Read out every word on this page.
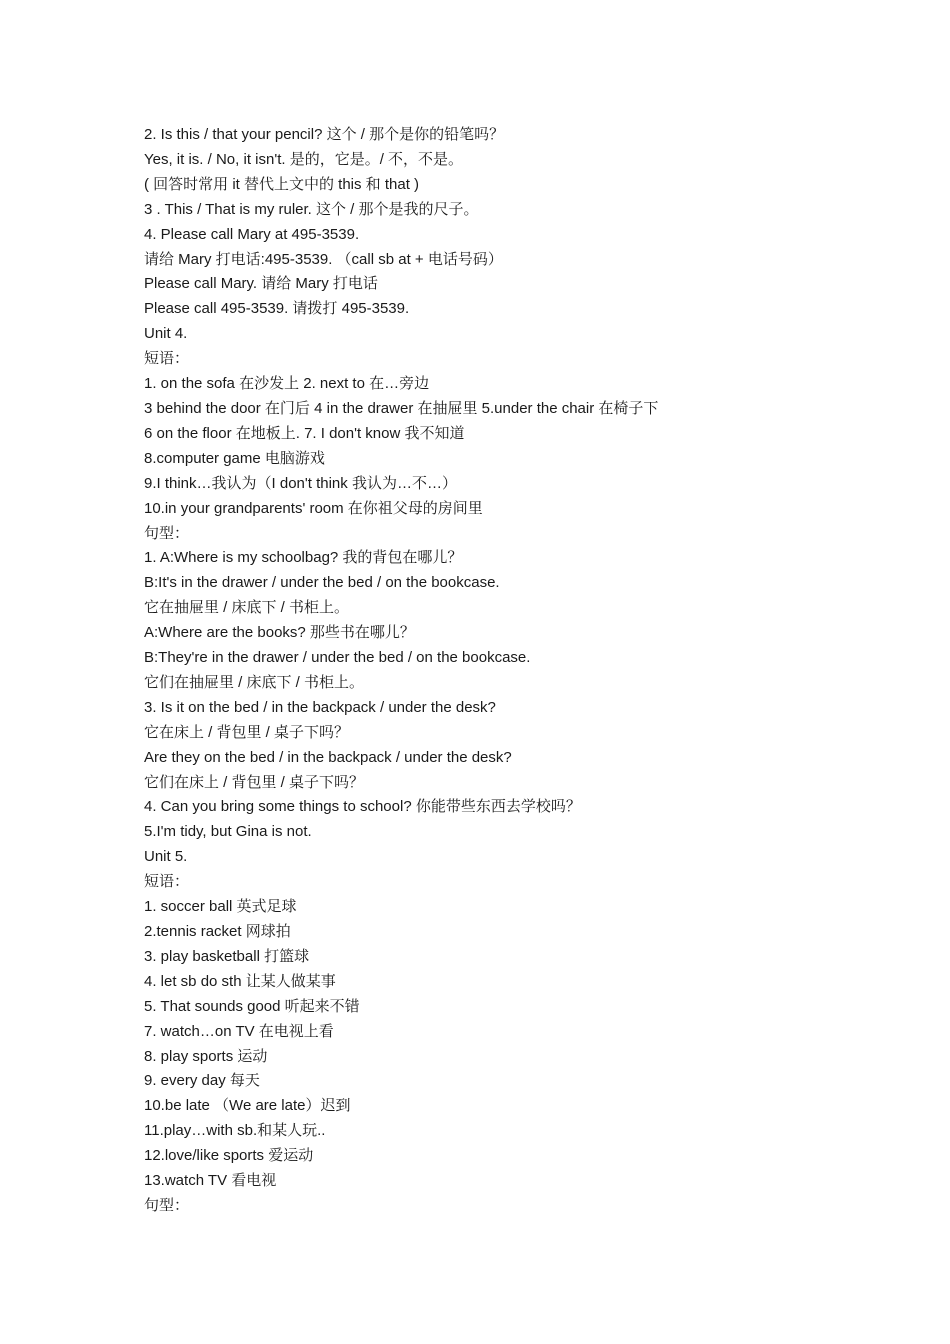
2. Is this / that your pencil? 这个 / 那个是你的铅笔吗？

Yes, it is. / No, it isn't. 是的，它是。/ 不，不是。

( 回答时常用 it 替代上文中的 this 和 that )

3 . This / That is my ruler. 这个 / 那个是我的尺子。

4. Please call Mary at 495-3539.

请给 Mary 打电话:495-3539. （call sb at + 电话号码）

Please call Mary. 请给 Mary 打电话

Please call 495-3539. 请拨打 495-3539.

Unit 4.

短语：

1. on the sofa 在沙发上 2. next to 在…旁边

3 behind the door 在门后 4 in the drawer 在抽屉里 5.under the chair 在椅子下

6 on the floor 在地板上. 7. I don't know 我不知道

8.computer game 电脑游戏

9.I think…我认为（I don't think 我认为…不…）

10.in your grandparents' room 在你祖父母的房间里

句型：

1. A:Where is my schoolbag? 我的背包在哪儿？

B:It's in the drawer / under the bed / on the bookcase.

它在抽屉里 / 床底下 / 书柜上。

A:Where are the books? 那些书在哪儿？

B:They're in the drawer / under the bed / on the bookcase.

它们在抽屉里 / 床底下 / 书柜上。

3. Is it on the bed / in the backpack / under the desk?

它在床上 / 背包里 / 桌子下吗？

Are they on the bed / in the backpack / under the desk?

它们在床上 / 背包里 / 桌子下吗？

4. Can you bring some things to school? 你能带些东西去学校吗？

5.I'm tidy, but Gina is not.

Unit 5.

短语：

1. soccer ball 英式足球

2.tennis racket 网球拍

3. play basketball 打篮球

4. let sb do sth 让某人做某事

5. That sounds good 听起来不错

7. watch…on TV 在电视上看

8. play sports 运动

9. every day 每天

10.be late （We are late）迟到

11.play…with sb.和某人玩..

12.love/like sports 爱运动

13.watch TV 看电视

句型：
